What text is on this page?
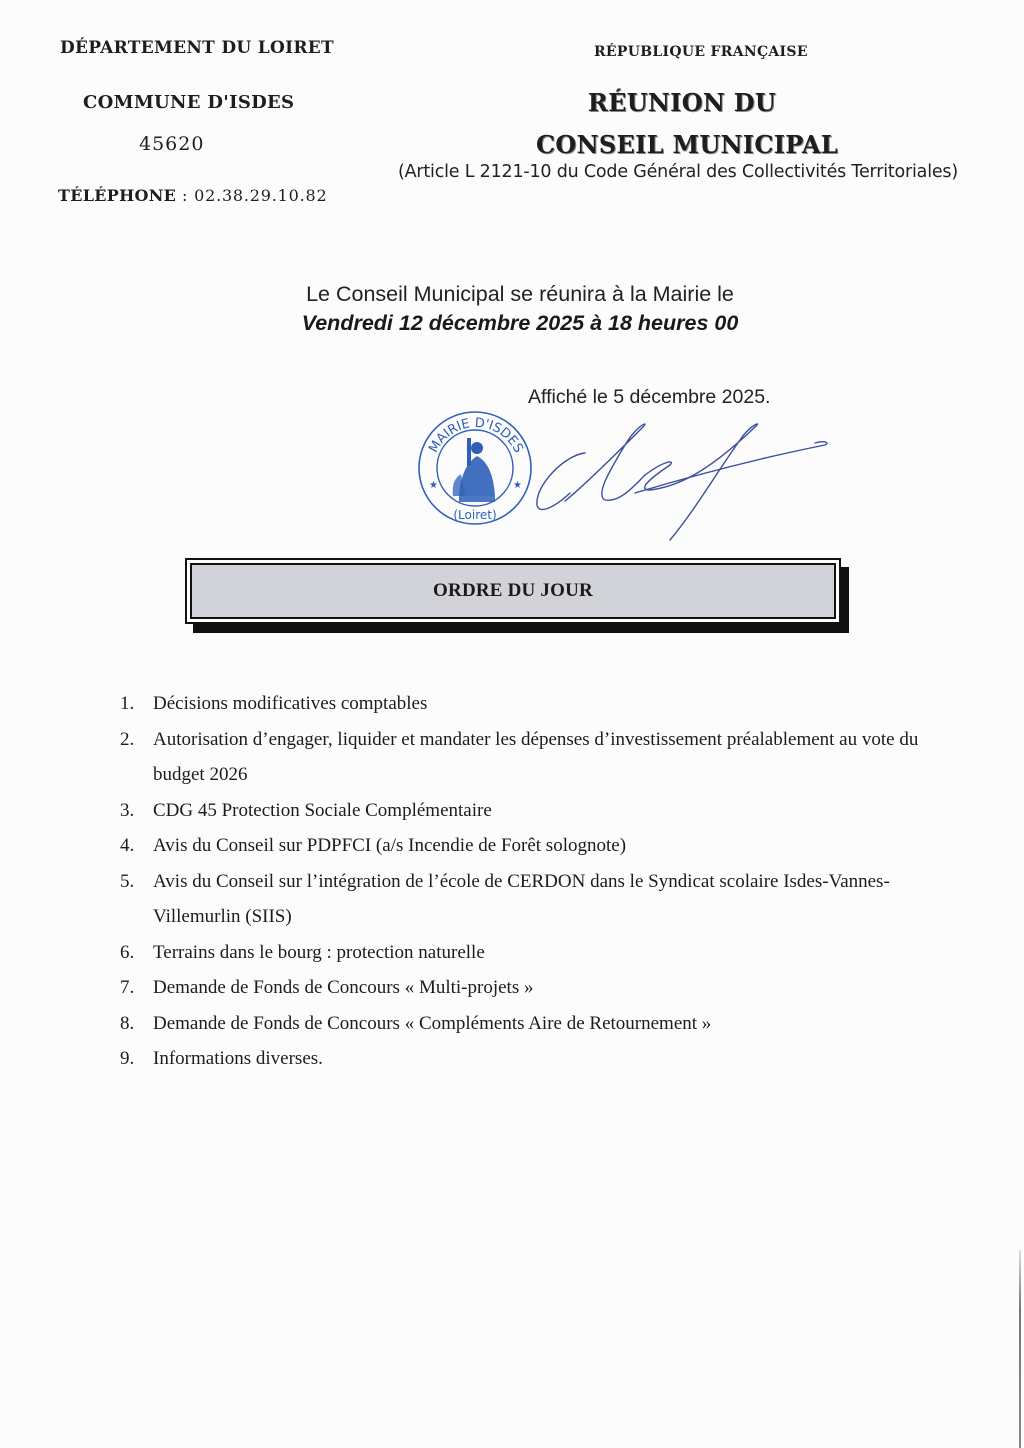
DÉPARTEMENT DU LOIRET
COMMUNE D'ISDES
45620
TÉLÉPHONE : 02.38.29.10.82
RÉPUBLIQUE FRANÇAISE
RÉUNION DU
CONSEIL MUNICIPAL
(Article L 2121-10 du Code Général des Collectivités Territoriales)
Le Conseil Municipal se réunira à la Mairie le
Vendredi 12 décembre 2025 à 18 heures 00
Affiché le 5 décembre 2025.
MAIRIE D'ISDES
(Loiret)
★	★
ORDRE DU JOUR
1. Décisions modificatives comptables
2. Autorisation d’engager, liquider et mandater les dépenses d’investissement préalablement au vote du budget 2026
3. CDG 45 Protection Sociale Complémentaire
4. Avis du Conseil sur PDPFCI (a/s Incendie de Forêt solognote)
5. Avis du Conseil sur l’intégration de l’école de CERDON dans le Syndicat scolaire Isdes-Vannes-Villemurlin (SIIS)
6. Terrains dans le bourg : protection naturelle
7. Demande de Fonds de Concours « Multi-projets »
8. Demande de Fonds de Concours « Compléments Aire de Retournement »
9. Informations diverses.
